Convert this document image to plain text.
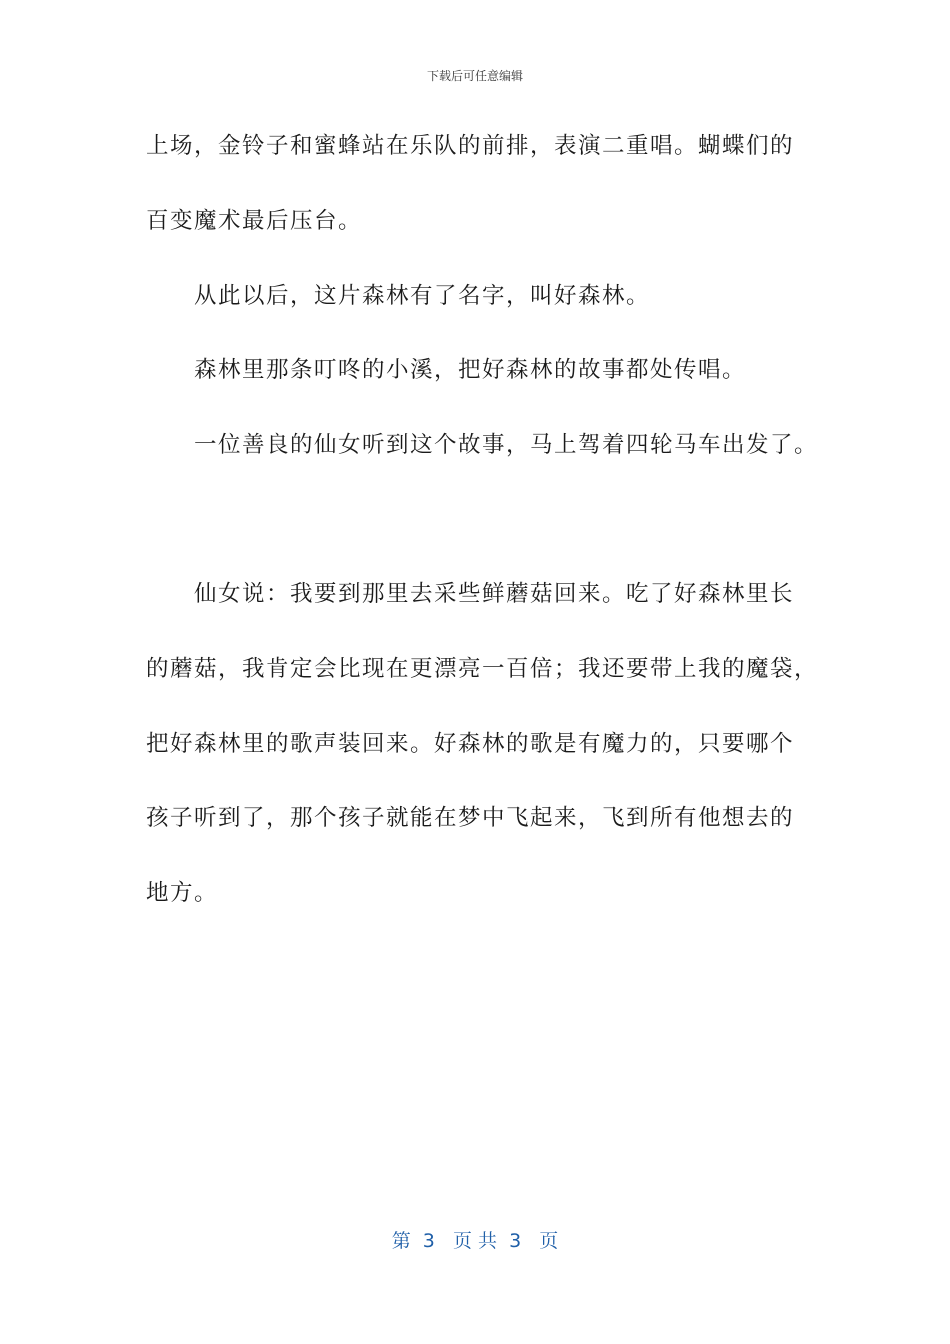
下载后可任意编辑
上场，金铃子和蜜蜂站在乐队的前排，表演二重唱。蝴蝶们的
百变魔术最后压台。
从此以后，这片森林有了名字，叫好森林。
森林里那条叮咚的小溪，把好森林的故事都处传唱。
一位善良的仙女听到这个故事，马上驾着四轮马车出发了。
仙女说：我要到那里去采些鲜蘑菇回来。吃了好森林里长
的蘑菇，我肯定会比现在更漂亮一百倍；我还要带上我的魔袋，
把好森林里的歌声装回来。好森林的歌是有魔力的，只要哪个
孩子听到了，那个孩子就能在梦中飞起来，飞到所有他想去的
地方。
第  3   页 共  3   页
